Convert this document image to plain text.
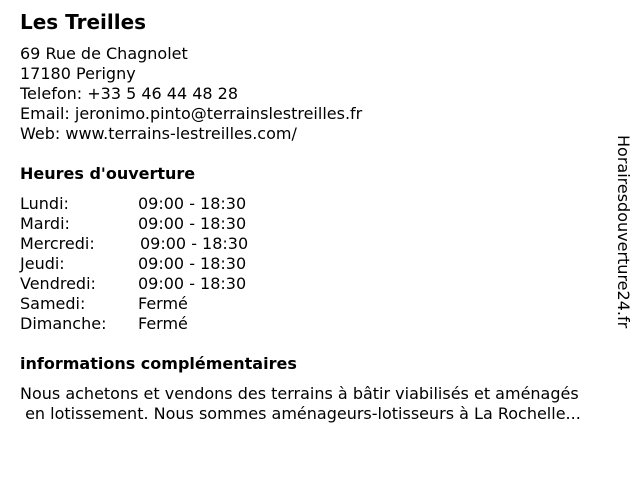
Les Treilles
69 Rue de Chagnolet
17180 Perigny
Telefon: +33 5 46 44 48 28
Email: jeronimo.pinto@terrainslestreilles.fr
Web: www.terrains-lestreilles.com/
Heures d'ouverture
Lundi:	09:00 - 18:30
Mardi:	09:00 - 18:30
Mercredi:	09:00 - 18:30
Jeudi:	09:00 - 18:30
Vendredi:	09:00 - 18:30
Samedi:	Fermé
Dimanche: Fermé
informations complémentaires
Nous achetons et vendons des terrains à bâtir viabilisés et aménagés
en lotissement. Nous sommes aménageurs-lotisseurs à La Rochelle...
Horairesdouverture24.fr
